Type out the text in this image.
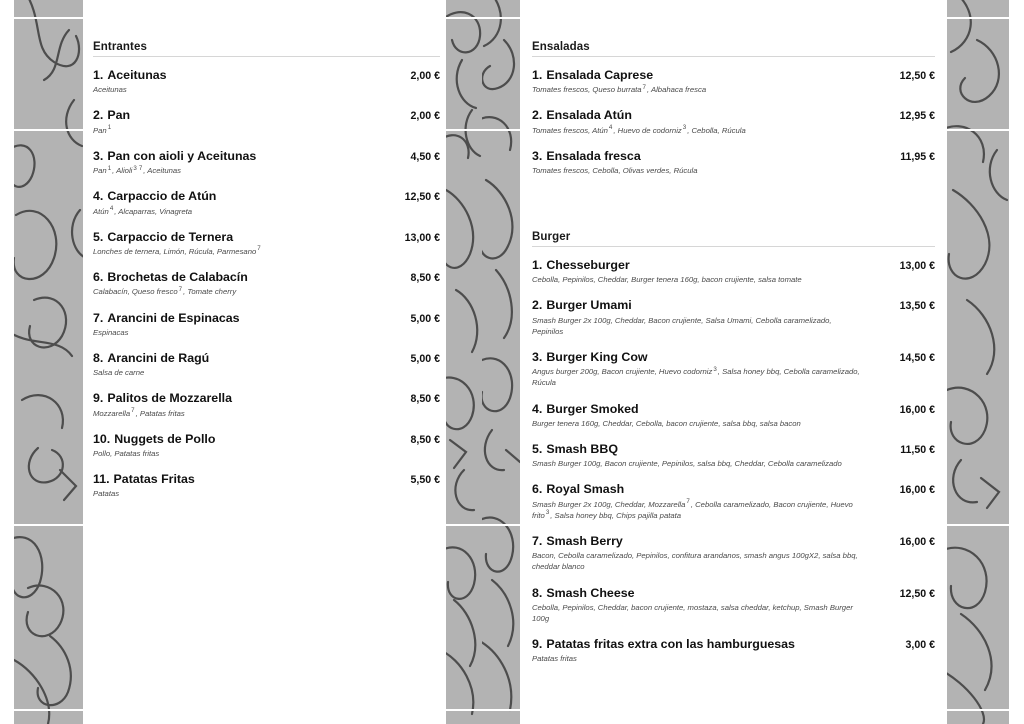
Entrantes
1. Aceitunas	2,00 €
Aceitunas
2. Pan	2,00 €
Pan$^1$
3. Pan con aioli y Aceitunas	4,50 €
Pan$^1$, Alioli$^3$ $^7$, Aceitunas
4. Carpaccio de Atún	12,50 €
Atún$^4$, Alcaparras, Vinagreta
5. Carpaccio de Ternera	13,00 €
Lonches de ternera, Limón, Rúcula, Parmesano$^7$
6. Brochetas de Calabacín	8,50 €
Calabacín, Queso fresco$^7$, Tomate cherry
7. Arancini de Espinacas	5,00 €
Espinacas
8. Arancini de Ragú	5,00 €
Salsa de carne
9. Palitos de Mozzarella	8,50 €
Mozzarella$^7$, Patatas fritas
10. Nuggets de Pollo	8,50 €
Pollo, Patatas fritas
11. Patatas Fritas	5,50 €
Patatas
Ensaladas
1. Ensalada Caprese	12,50 €
Tomates frescos, Queso burrata$^7$, Albahaca fresca
2. Ensalada Atún	12,95 €
Tomates frescos, Atún$^4$, Huevo de codorniz$^3$, Cebolla, Rúcula
3. Ensalada fresca	11,95 €
Tomates frescos, Cebolla, Olivas verdes, Rúcula
Burger
1. Chesseburger	13,00 €
Cebolla, Pepinilos, Cheddar, Burger tenera 160g, bacon crujiente, salsa tomate
2. Burger Umami	13,50 €
Smash Burger 2x 100g, Cheddar, Bacon crujiente, Salsa Umami, Cebolla caramelizado, Pepinilos
3. Burger King Cow	14,50 €
Angus burger 200g, Bacon crujiente, Huevo codorniz$^3$, Salsa honey bbq, Cebolla caramelizado, Rúcula
4. Burger Smoked	16,00 €
Burger tenera 160g, Cheddar, Cebolla, bacon crujiente, salsa bbq, salsa bacon
5. Smash BBQ	11,50 €
Smash Burger 100g, Bacon crujiente, Pepinilos, salsa bbq, Cheddar, Cebolla caramelizado
6. Royal Smash	16,00 €
Smash Burger 2x 100g, Cheddar, Mozzarella$^7$, Cebolla caramelizado, Bacon crujiente, Huevo frito$^3$, Salsa honey bbq, Chips pajilla patata
7. Smash Berry	16,00 €
Bacon, Cebolla caramelizado, Pepinilos, confitura arandanos, smash angus 100gX2, salsa bbq, cheddar blanco
8. Smash Cheese	12,50 €
Cebolla, Pepinilos, Cheddar, bacon crujiente, mostaza, salsa cheddar, ketchup, Smash Burger 100g
9. Patatas fritas extra con las hamburguesas	3,00 €
Patatas fritas
